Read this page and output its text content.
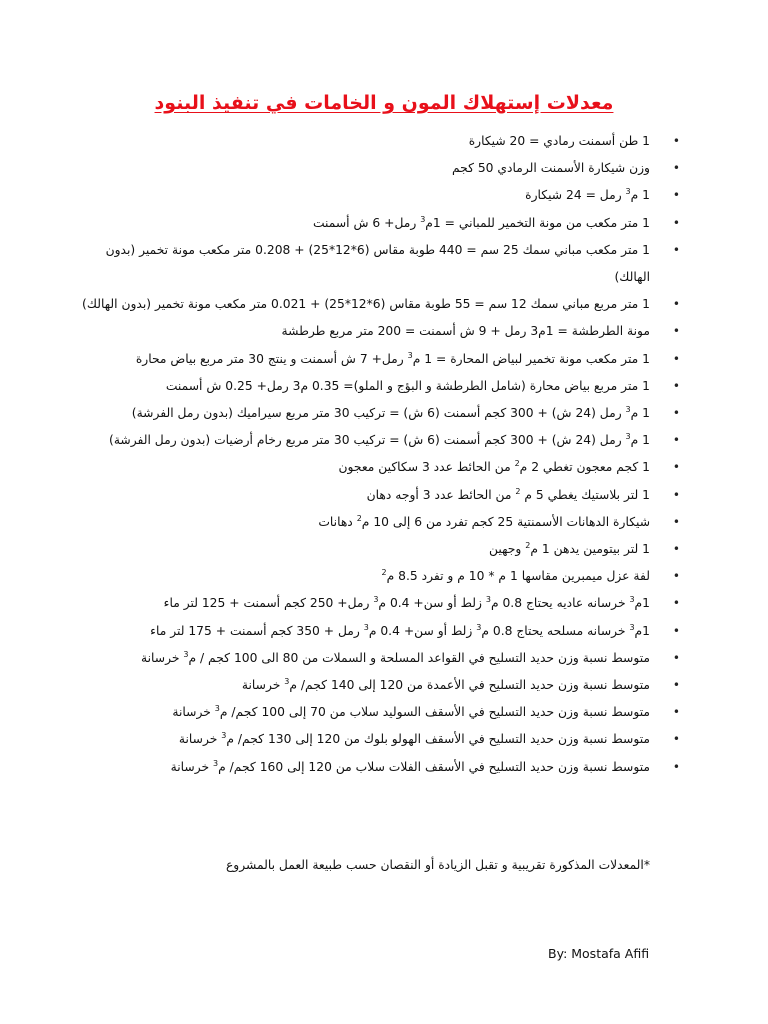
معدلات إستهلاك المون و الخامات في تنفيذ البنود
• 1 طن أسمنت رمادي = 20 شيكارة
• وزن شيكارة الأسمنت الرمادي 50 كجم
• 1 م$^3$ رمل = 24 شيكارة
• 1 متر مكعب من مونة التخمير للمباني = 1م$^3$ رمل+ 6 ش أسمنت
• 1 متر مكعب مباني سمك 25 سم = 440 طوبة مقاس (6*12*25) + 0.208 متر مكعب مونة تخمير (بدون الهالك)
• 1 متر مربع مباني سمك 12 سم = 55 طوبة مقاس (6*12*25) + 0.021 متر مكعب مونة تخمير (بدون الهالك)
• مونة الطرطشة = 1م3 رمل + 9 ش أسمنت = 200 متر مربع طرطشة
• 1 متر مكعب مونة تخمير لبياض المحارة = 1 م$^3$ رمل+ 7 ش أسمنت و ينتج 30 متر مربع بياض محارة
• 1 متر مربع بياض محارة (شامل الطرطشة و البؤج و الملو)= 0.35 م3 رمل+ 0.25 ش أسمنت
• 1 م$^3$ رمل (24 ش) + 300 كجم أسمنت (6 ش) = تركيب 30 متر مربع سيراميك (بدون رمل الفرشة)
• 1 م$^3$ رمل (24 ش) + 300 كجم أسمنت (6 ش) = تركيب 30 متر مربع رخام أرضيات (بدون رمل الفرشة)
• 1 كجم معجون تغطي 2 م$^2$ من الحائط عدد 3 سكاكين معجون
• 1 لتر بلاستيك يغطي 5 م $^2$ من الحائط عدد 3 أوجه دهان
• شيكارة الدهانات الأسمنتية 25 كجم تفرد من 6 إلى 10 م$^2$ دهانات
• 1 لتر بيتومين يدهن 1 م$^2$ وجهين
• لفة عزل ميمبرين مقاسها 1 م * 10 م و تفرد 8.5 م$^2$
• 1م$^3$ خرسانه عاديه يحتاج 0.8 م$^3$ زلط أو سن+ 0.4 م$^3$ رمل+ 250 كجم أسمنت + 125 لتر ماء
• 1م$^3$ خرسانه مسلحه يحتاج 0.8 م$^3$ زلط أو سن+ 0.4 م$^3$ رمل + 350 كجم أسمنت + 175 لتر ماء
• متوسط نسبة وزن حديد التسليح في القواعد المسلحة و السملات من 80 الى 100 كجم / م$^3$ خرسانة
• متوسط نسبة وزن حديد التسليح في الأعمدة من 120 إلى 140 كجم/ م$^3$ خرسانة
• متوسط نسبة وزن حديد التسليح في الأسقف السوليد سلاب من 70 إلى 100 كجم/ م$^3$ خرسانة
• متوسط نسبة وزن حديد التسليح في الأسقف الهولو بلوك من 120 إلى 130 كجم/ م$^3$ خرسانة
• متوسط نسبة وزن حديد التسليح في الأسقف الفلات سلاب من 120 إلى 160 كجم/ م$^3$ خرسانة
*المعدلات المذكورة تقريبية و تقبل الزيادة أو النقصان حسب طبيعة العمل بالمشروع
By: Mostafa Afifi
